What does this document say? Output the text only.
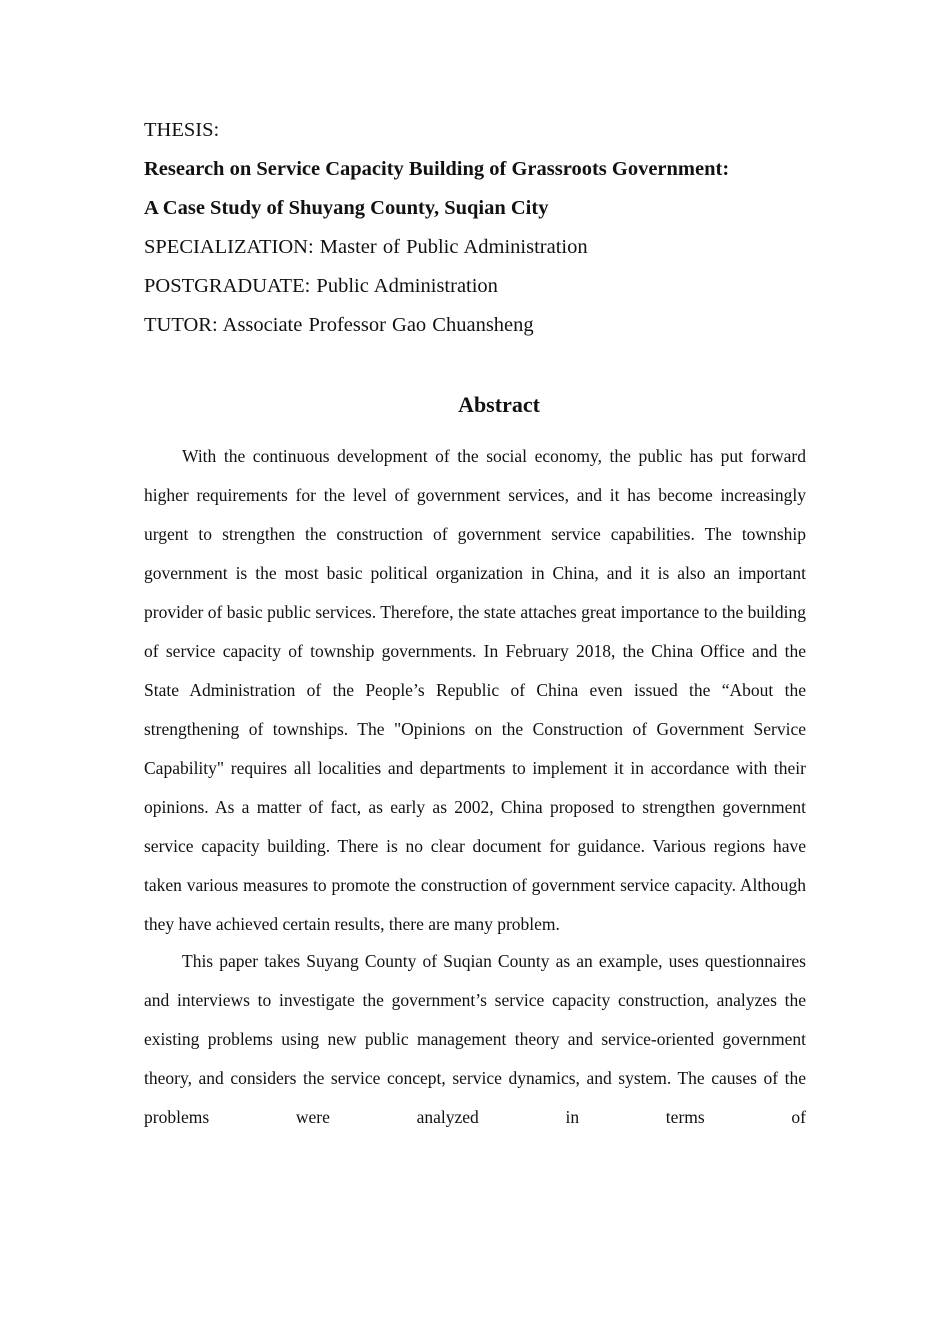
THESIS:
Research on Service Capacity Building of Grassroots Government:
A Case Study of Shuyang County, Suqian City
SPECIALIZATION: Master of Public Administration
POSTGRADUATE: Public Administration
TUTOR: Associate Professor Gao Chuansheng
Abstract

With the continuous development of the social economy, the public has put forward higher requirements for the level of government services, and it has become increasingly urgent to strengthen the construction of government service capabilities. The township government is the most basic political organization in China, and it is also an important provider of basic public services. Therefore, the state attaches great importance to the building of service capacity of township governments. In February 2018, the China Office and the State Administration of the People’s Republic of China even issued the “About the strengthening of townships. The "Opinions on the Construction of Government Service Capability" requires all localities and departments to implement it in accordance with their opinions. As a matter of fact, as early as 2002, China proposed to strengthen government service capacity building. There is no clear document for guidance. Various regions have taken various measures to promote the construction of government service capacity. Although they have achieved certain results, there are many problem.

This paper takes Suyang County of Suqian County as an example, uses questionnaires and interviews to investigate the government’s service capacity construction, analyzes the existing problems using new public management theory and service-oriented government theory, and considers the service concept, service dynamics, and system. The causes of the problems were analyzed in terms of
